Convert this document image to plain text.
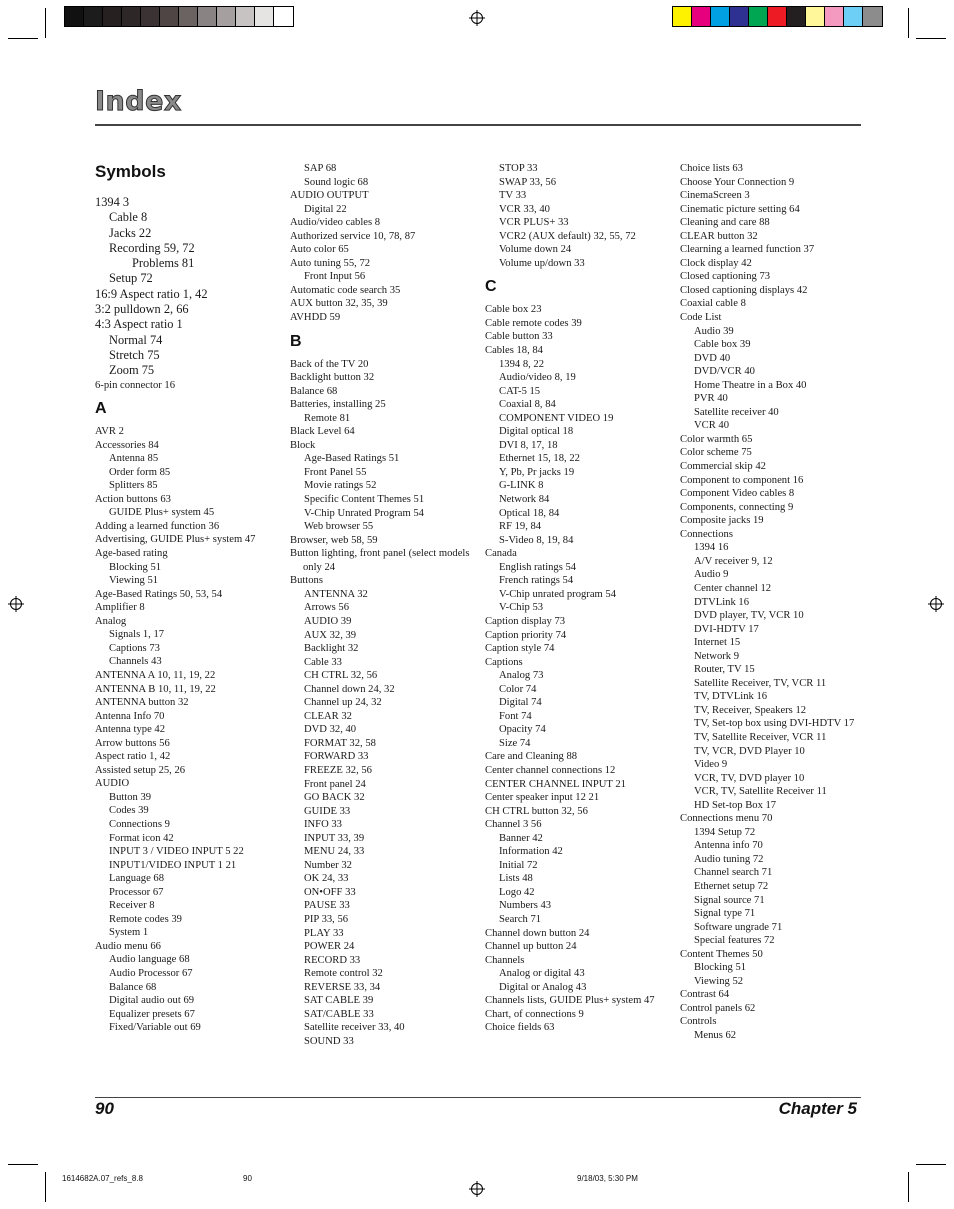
Index
Symbols
1394 3
Cable 8
Jacks 22
Recording 59, 72
Problems 81
Setup 72
16:9 Aspect ratio 1, 42
3:2 pulldown 2, 66
4:3 Aspect ratio 1
Normal 74
Stretch 75
Zoom 75
6-pin connector 16
A
AVR 2
Accessories 84
Antenna 85
Order form 85
Splitters 85
Action buttons 63
GUIDE Plus+ system 45
Adding a learned function 36
Advertising, GUIDE Plus+ system 47
Age-based rating
Blocking 51
Viewing 51
Age-Based Ratings 50, 53, 54
Amplifier 8
Analog
Signals 1, 17
Captions 73
Channels 43
ANTENNA A 10, 11, 19, 22
ANTENNA B 10, 11, 19, 22
ANTENNA button 32
Antenna Info 70
Antenna type 42
Arrow buttons 56
Aspect ratio 1, 42
Assisted setup 25, 26
AUDIO
Button 39
Codes 39
Connections 9
Format icon 42
INPUT 3 / VIDEO INPUT 5 22
INPUT1/VIDEO INPUT 1 21
Language 68
Processor 67
Receiver 8
Remote codes 39
System 1
Audio menu 66
Audio language 68
Audio Processor 67
Balance 68
Digital audio out 69
Equalizer presets 67
Fixed/Variable out 69
SAP 68
Sound logic 68
AUDIO OUTPUT
Digital 22
Audio/video cables 8
Authorized service 10, 78, 87
Auto color 65
Auto tuning 55, 72
Front Input 56
Automatic code search 35
AUX button 32, 35, 39
AVHDD 59
B
Back of the TV 20
Backlight button 32
Balance 68
Batteries, installing 25
Remote 81
Black Level 64
Block
Age-Based Ratings 51
Front Panel 55
Movie ratings 52
Specific Content Themes 51
V-Chip Unrated Program 54
Web browser 55
Browser, web 58, 59
Button lighting, front panel (select models only 24
Buttons
ANTENNA 32
Arrows 56
AUDIO 39
AUX 32, 39
Backlight 32
Cable 33
CH CTRL 32, 56
Channel down 24, 32
Channel up 24, 32
CLEAR 32
DVD 32, 40
FORMAT 32, 58
FORWARD 33
FREEZE 32, 56
Front panel 24
GO BACK 32
GUIDE 33
INFO 33
INPUT 33, 39
MENU 24, 33
Number 32
OK 24, 33
ON•OFF 33
PAUSE 33
PIP 33, 56
PLAY 33
POWER 24
RECORD 33
Remote control 32
REVERSE 33, 34
SAT CABLE 39
SAT/CABLE 33
Satellite receiver 33, 40
SOUND 33
STOP 33
SWAP 33, 56
TV 33
VCR 33, 40
VCR PLUS+ 33
VCR2 (AUX default) 32, 55, 72
Volume down 24
Volume up/down 33
C
Cable box 23
Cable remote codes 39
Cable button 33
Cables 18, 84
1394 8, 22
Audio/video 8, 19
CAT-5 15
Coaxial 8, 84
COMPONENT VIDEO 19
Digital optical 18
DVI 8, 17, 18
Ethernet 15, 18, 22
Y, Pb, Pr jacks 19
G-LINK 8
Network 84
Optical 18, 84
RF 19, 84
S-Video 8, 19, 84
Canada
English ratings 54
French ratings 54
V-Chip unrated program 54
V-Chip 53
Caption display 73
Caption priority 74
Caption style 74
Captions
Analog 73
Color 74
Digital 74
Font 74
Opacity 74
Size 74
Care and Cleaning 88
Center channel connections 12
CENTER CHANNEL INPUT 21
Center speaker input 12 21
CH CTRL button 32, 56
Channel 3 56
Banner 42
Information 42
Initial 72
Lists 48
Logo 42
Numbers 43
Search 71
Channel down button 24
Channel up button 24
Channels
Analog or digital 43
Digital or Analog 43
Channels lists, GUIDE Plus+ system 47
Chart, of connections 9
Choice fields 63
Choice lists 63
Choose Your Connection 9
CinemaScreen 3
Cinematic picture setting 64
Cleaning and care 88
CLEAR button 32
Clearning a learned function 37
Clock display 42
Closed captioning 73
Closed captioning displays 42
Coaxial cable 8
Code List
Audio 39
Cable box 39
DVD 40
DVD/VCR 40
Home Theatre in a Box 40
PVR 40
Satellite receiver 40
VCR 40
Color warmth 65
Color scheme 75
Commercial skip 42
Component to component 16
Component Video cables 8
Components, connecting 9
Composite jacks 19
Connections
1394 16
A/V receiver 9, 12
Audio 9
Center channel 12
DTVLink 16
DVD player, TV, VCR 10
DVI-HDTV 17
Internet 15
Network 9
Router, TV 15
Satellite Receiver, TV, VCR 11
TV, DTVLink 16
TV, Receiver, Speakers 12
TV, Set-top box using DVI-HDTV 17
TV, Satellite Receiver, VCR 11
TV, VCR, DVD Player 10
Video 9
VCR, TV, DVD player 10
VCR, TV, Satellite Receiver 11
HD Set-top Box 17
Connections menu 70
1394 Setup 72
Antenna info 70
Audio tuning 72
Channel search 71
Ethernet setup 72
Signal source 71
Signal type 71
Software ungrade 71
Special features 72
Content Themes 50
Blocking 51
Viewing 52
Contrast 64
Control panels 62
Controls
Menus 62
90	Chapter 5
1614682A.07_refs_8.8	90	9/18/03, 5:30 PM
